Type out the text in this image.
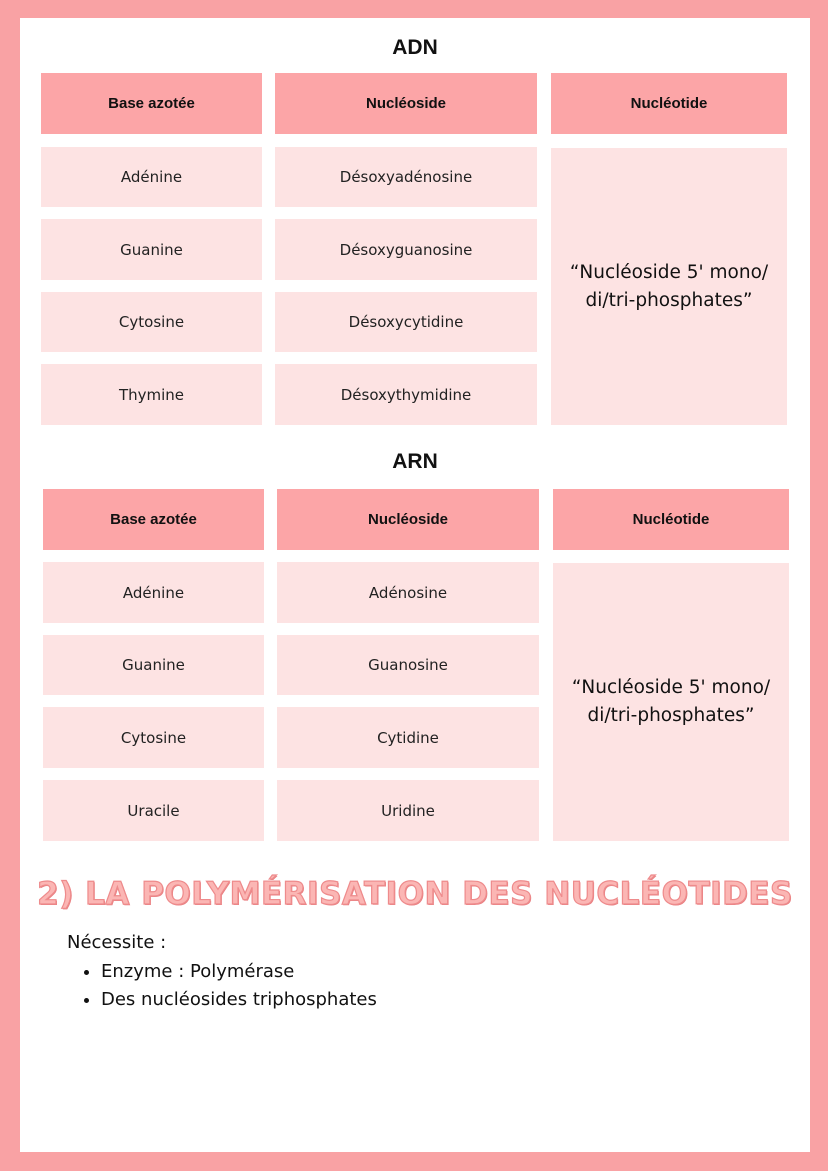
ADN
Base azotée	Nucléoside	Nucléotide
Adénine	Désoxyadénosine
Guanine	Désoxyguanosine
Cytosine	Désoxycytidine
Thymine	Désoxythymidine
“Nucléoside 5' mono/
di/tri-phosphates”
ARN
Base azotée	Nucléoside	Nucléotide
Adénine	Adénosine
Guanine	Guanosine
Cytosine	Cytidine
Uracile	Uridine
“Nucléoside 5' mono/
di/tri-phosphates”
2) LA POLYMÉRISATION DES NUCLÉOTIDES
Nécessite :
• Enzyme : Polymérase
• Des nucléosides triphosphates
